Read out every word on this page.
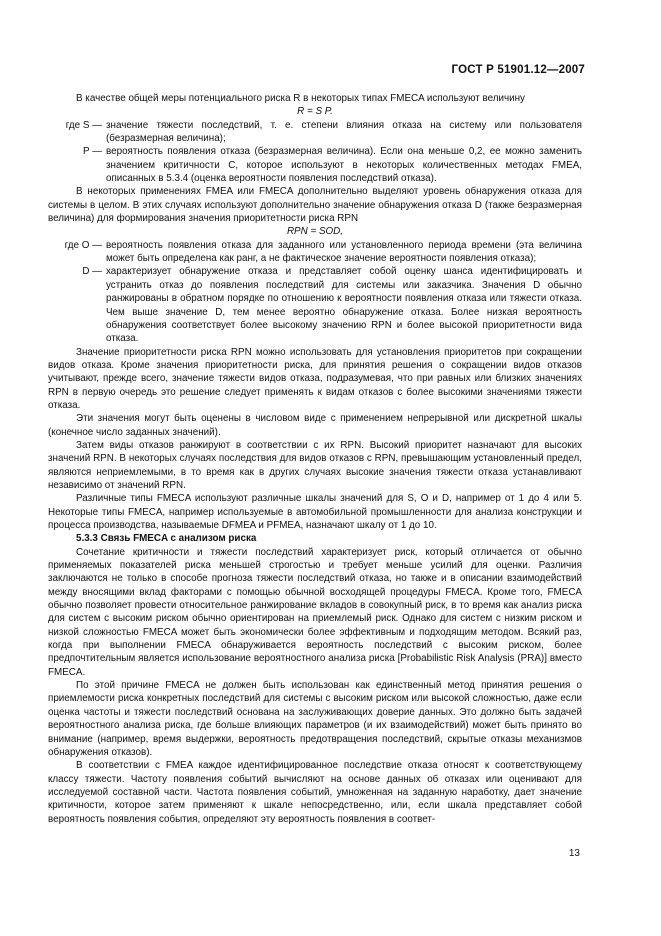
ГОСТ Р 51901.12—2007

В качестве общей меры потенциального риска R в некоторых типах FMECA используют величину

R = S P.
где S — значение тяжести последствий, т. е. степени влияния отказа на систему или пользователя (безразмерная величина);
P — вероятность появления отказа (безразмерная величина). Если она меньше 0,2, ее можно заменить значением критичности C, которое используют в некоторых количественных методах FMEA, описанных в 5.3.4 (оценка вероятности появления последствий отказа).

В некоторых применениях FMEA или FMECA дополнительно выделяют уровень обнаружения отказа для системы в целом. В этих случаях используют дополнительно значение обнаружения отказа D (также безразмерная величина) для формирования значения приоритетности риска RPN

RPN = SOD,
где O — вероятность появления отказа для заданного или установленного периода времени (эта величина может быть определена как ранг, а не фактическое значение вероятности появления отказа);
D — характеризует обнаружение отказа и представляет собой оценку шанса идентифицировать и устранить отказ до появления последствий для системы или заказчика. Значения D обычно ранжированы в обратном порядке по отношению к вероятности появления отказа или тяжести отказа. Чем выше значение D, тем менее вероятно обнаружение отказа. Более низкая вероятность обнаружения соответствует более высокому значению RPN и более высокой приоритетности вида отказа.

Значение приоритетности риска RPN можно использовать для установления приоритетов при сокращении видов отказа. Кроме значения приоритетности риска, для принятия решения о сокращении видов отказов учитывают, прежде всего, значение тяжести видов отказа, подразумевая, что при равных или близких значениях RPN в первую очередь это решение следует применять к видам отказов с более высокими значениями тяжести отказа.

Эти значения могут быть оценены в числовом виде с применением непрерывной или дискретной шкалы (конечное число заданных значений).

Затем виды отказов ранжируют в соответствии с их RPN. Высокий приоритет назначают для высоких значений RPN. В некоторых случаях последствия для видов отказов с RPN, превышающим установленный предел, являются неприемлемыми, в то время как в других случаях высокие значения тяжести отказа устанавливают независимо от значений RPN.

Различные типы FMECA используют различные шкалы значений для S, O и D, например от 1 до 4 или 5. Некоторые типы FMECA, например используемые в автомобильной промышленности для анализа конструкции и процесса производства, называемые DFMEA и PFMEA, назначают шкалу от 1 до 10.

5.3.3 Связь FMECA с анализом риска

Сочетание критичности и тяжести последствий характеризует риск, который отличается от обычно применяемых показателей риска меньшей строгостью и требует меньше усилий для оценки. Различия заключаются не только в способе прогноза тяжести последствий отказа, но также и в описании взаимодействий между вносящими вклад факторами с помощью обычной восходящей процедуры FMECA. Кроме того, FMECA обычно позволяет провести относительное ранжирование вкладов в совокупный риск, в то время как анализ риска для систем с высоким риском обычно ориентирован на приемлемый риск. Однако для систем с низким риском и низкой сложностью FMECA может быть экономически более эффективным и подходящим методом. Всякий раз, когда при выполнении FMECA обнаруживается вероятность последствий с высоким риском, более предпочтительным является использование вероятностного анализа риска [Probabilistic Risk Analysis (PRA)] вместо FMECA.

По этой причине FMECA не должен быть использован как единственный метод принятия решения о приемлемости риска конкретных последствий для системы с высоким риском или высокой сложностью, даже если оценка частоты и тяжести последствий основана на заслуживающих доверие данных. Это должно быть задачей вероятностного анализа риска, где больше влияющих параметров (и их взаимодействий) может быть принято во внимание (например, время выдержки, вероятность предотвращения последствий, скрытые отказы механизмов обнаружения отказов).

В соответствии с FMEA каждое идентифицированное последствие отказа относят к соответствующему классу тяжести. Частоту появления событий вычисляют на основе данных об отказах или оценивают для исследуемой составной части. Частота появления событий, умноженная на заданную наработку, дает значение критичности, которое затем применяют к шкале непосредственно, или, если шкала представляет собой вероятность появления события, определяют эту вероятность появления в соответ-

13
